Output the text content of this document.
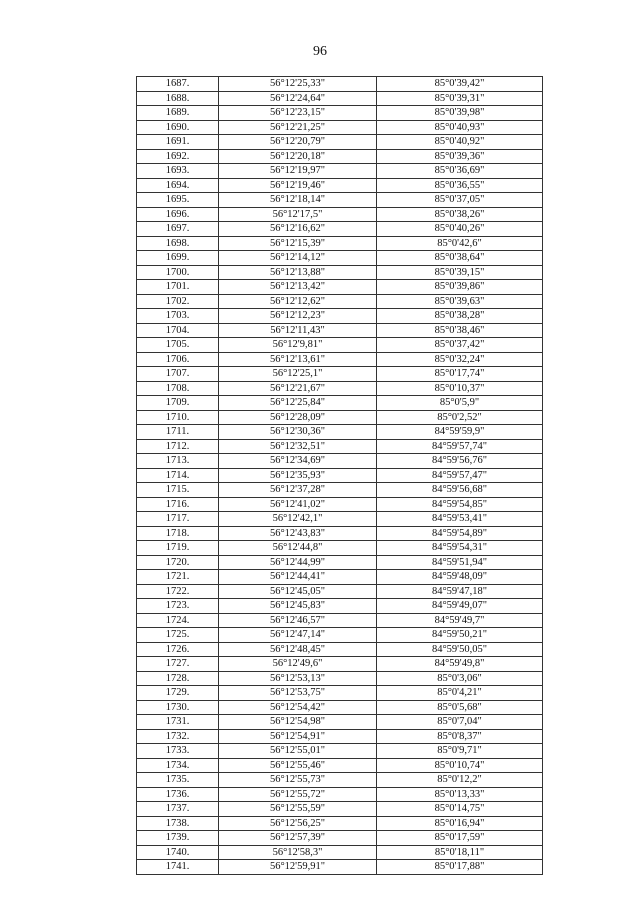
96
1687.	56°12'25,33"	85°0'39,42"
1688.	56°12'24,64"	85°0'39,31"
1689.	56°12'23,15"	85°0'39,98"
1690.	56°12'21,25"	85°0'40,93"
1691.	56°12'20,79"	85°0'40,92"
1692.	56°12'20,18"	85°0'39,36"
1693.	56°12'19,97"	85°0'36,69"
1694.	56°12'19,46"	85°0'36,55"
1695.	56°12'18,14"	85°0'37,05"
1696.	56°12'17,5"	85°0'38,26"
1697.	56°12'16,62"	85°0'40,26"
1698.	56°12'15,39"	85°0'42,6"
1699.	56°12'14,12"	85°0'38,64"
1700.	56°12'13,88"	85°0'39,15"
1701.	56°12'13,42"	85°0'39,86"
1702.	56°12'12,62"	85°0'39,63"
1703.	56°12'12,23"	85°0'38,28"
1704.	56°12'11,43"	85°0'38,46"
1705.	56°12'9,81"	85°0'37,42"
1706.	56°12'13,61"	85°0'32,24"
1707.	56°12'25,1"	85°0'17,74"
1708.	56°12'21,67"	85°0'10,37"
1709.	56°12'25,84"	85°0'5,9"
1710.	56°12'28,09"	85°0'2,52"
1711.	56°12'30,36"	84°59'59,9"
1712.	56°12'32,51"	84°59'57,74"
1713.	56°12'34,69"	84°59'56,76"
1714.	56°12'35,93"	84°59'57,47"
1715.	56°12'37,28"	84°59'56,68"
1716.	56°12'41,02"	84°59'54,85"
1717.	56°12'42,1"	84°59'53,41"
1718.	56°12'43,83"	84°59'54,89"
1719.	56°12'44,8"	84°59'54,31"
1720.	56°12'44,99"	84°59'51,94"
1721.	56°12'44,41"	84°59'48,09"
1722.	56°12'45,05"	84°59'47,18"
1723.	56°12'45,83"	84°59'49,07"
1724.	56°12'46,57"	84°59'49,7"
1725.	56°12'47,14"	84°59'50,21"
1726.	56°12'48,45"	84°59'50,05"
1727.	56°12'49,6"	84°59'49,8"
1728.	56°12'53,13"	85°0'3,06"
1729.	56°12'53,75"	85°0'4,21"
1730.	56°12'54,42"	85°0'5,68"
1731.	56°12'54,98"	85°0'7,04"
1732.	56°12'54,91"	85°0'8,37"
1733.	56°12'55,01"	85°0'9,71"
1734.	56°12'55,46"	85°0'10,74"
1735.	56°12'55,73"	85°0'12,2"
1736.	56°12'55,72"	85°0'13,33"
1737.	56°12'55,59"	85°0'14,75"
1738.	56°12'56,25"	85°0'16,94"
1739.	56°12'57,39"	85°0'17,59"
1740.	56°12'58,3"	85°0'18,11"
1741.	56°12'59,91"	85°0'17,88"
